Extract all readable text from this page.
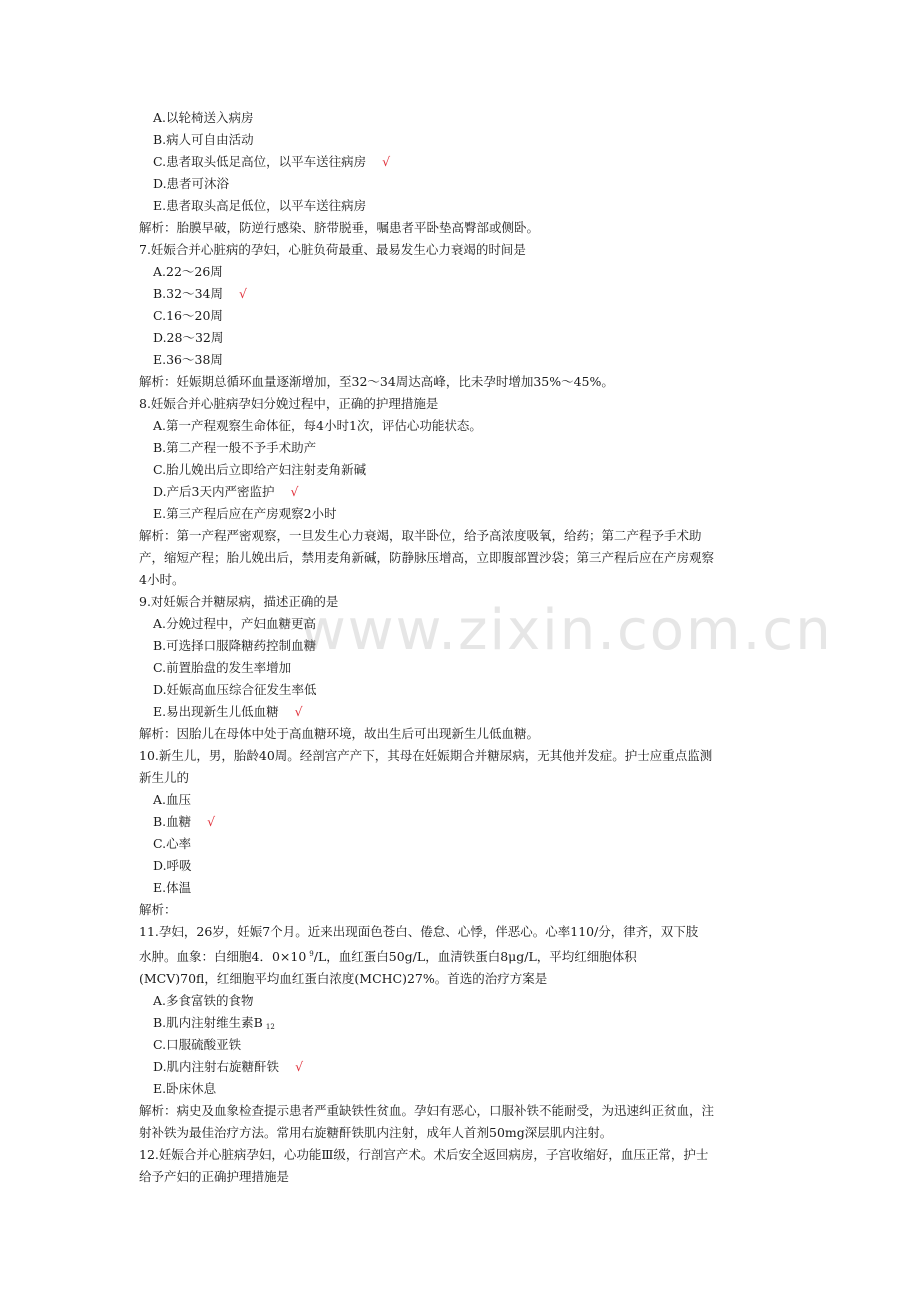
www.zixin.com.cn
A.以轮椅送入病房
B.病人可自由活动
C.患者取头低足高位，以平车送往病房 √
D.患者可沐浴
E.患者取头高足低位，以平车送往病房
解析：胎膜早破，防逆行感染、脐带脱垂，嘱患者平卧垫高臀部或侧卧。
7.妊娠合并心脏病的孕妇，心脏负荷最重、最易发生心力衰竭的时间是
A.22～26周
B.32～34周 √
C.16～20周
D.28～32周
E.36～38周
解析：妊娠期总循环血量逐渐增加，至32～34周达高峰，比未孕时增加35%～45%。
8.妊娠合并心脏病孕妇分娩过程中，正确的护理措施是
A.第一产程观察生命体征，每4小时1次，评估心功能状态。
B.第二产程一般不予手术助产
C.胎儿娩出后立即给产妇注射麦角新碱
D.产后3天内严密监护 √
E.第三产程后应在产房观察2小时
解析：第一产程严密观察，一旦发生心力衰竭，取半卧位，给予高浓度吸氧，给药；第二产程予手术助
产，缩短产程；胎儿娩出后，禁用麦角新碱，防静脉压增高，立即腹部置沙袋；第三产程后应在产房观察
4小时。
9.对妊娠合并糖尿病，描述正确的是
A.分娩过程中，产妇血糖更高
B.可选择口服降糖药控制血糖
C.前置胎盘的发生率增加
D.妊娠高血压综合征发生率低
E.易出现新生儿低血糖 √
解析：因胎儿在母体中处于高血糖环境，故出生后可出现新生儿低血糖。
10.新生儿，男，胎龄40周。经剖宫产产下，其母在妊娠期合并糖尿病，无其他并发症。护士应重点监测
新生儿的
A.血压
B.血糖 √
C.心率
D.呼吸
E.体温
解析：
11.孕妇，26岁，妊娠7个月。近来出现面色苍白、倦怠、心悸，伴恶心。心率110/分，律齐，双下肢
水肿。血象：白细胞4．0×10 $^9$/L，血红蛋白50g/L，血清铁蛋白8μg/L，平均红细胞体积
(MCV)70fl，红细胞平均血红蛋白浓度(MCHC)27%。首选的治疗方案是
A.多食富铁的食物
B.肌内注射维生素B $_{12}$
C.口服硫酸亚铁
D.肌内注射右旋糖酐铁 √
E.卧床休息
解析：病史及血象检查提示患者严重缺铁性贫血。孕妇有恶心，口服补铁不能耐受，为迅速纠正贫血，注
射补铁为最佳治疗方法。常用右旋糖酐铁肌内注射，成年人首剂50mg深层肌内注射。
12.妊娠合并心脏病孕妇，心功能Ⅲ级，行剖宫产术。术后安全返回病房，子宫收缩好，血压正常，护士
给予产妇的正确护理措施是
